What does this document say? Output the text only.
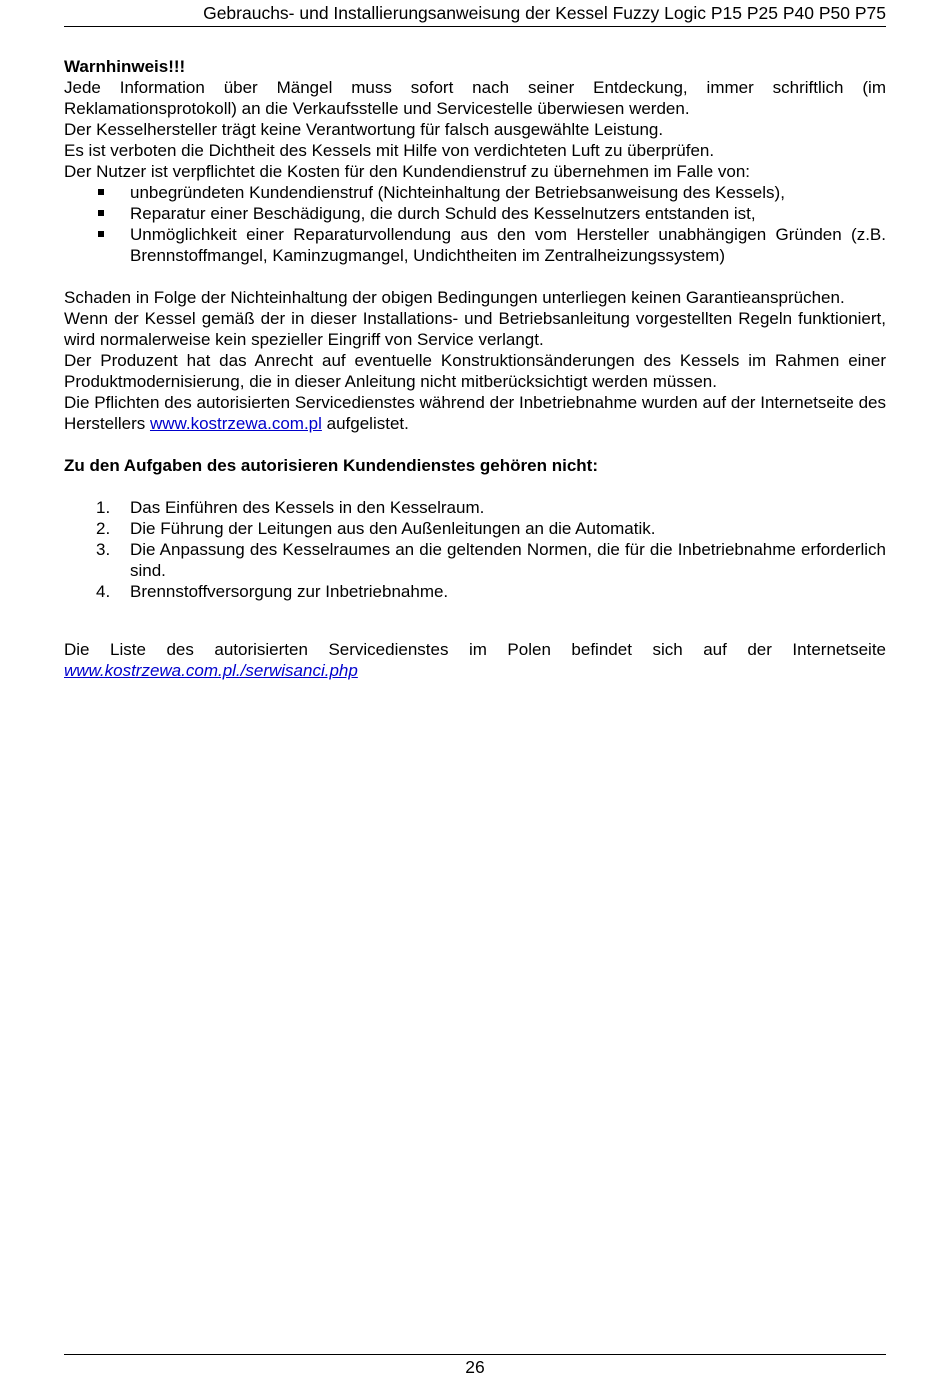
Gebrauchs- und Installierungsanweisung der Kessel Fuzzy Logic P15 P25 P40 P50 P75

Warnhinweis!!!

Jede Information über Mängel muss sofort nach seiner Entdeckung, immer schriftlich (im Reklamationsprotokoll) an die Verkaufsstelle und Servicestelle überwiesen werden.

Der Kesselhersteller trägt keine Verantwortung für falsch ausgewählte Leistung.

Es ist verboten die Dichtheit des Kessels mit Hilfe von verdichteten Luft zu überprüfen.

Der Nutzer ist verpflichtet die Kosten für den Kundendienstruf zu übernehmen im Falle von:

unbegründeten Kundendienstruf (Nichteinhaltung der Betriebsanweisung des Kessels),
Reparatur einer Beschädigung, die durch Schuld des Kesselnutzers entstanden ist,
Unmöglichkeit einer Reparaturvollendung aus den vom Hersteller unabhängigen Gründen (z.B. Brennstoffmangel, Kaminzugmangel, Undichtheiten im Zentralheizungssystem)

Schaden in Folge der Nichteinhaltung der obigen Bedingungen unterliegen keinen Garantieansprüchen.

Wenn der Kessel gemäß der in dieser Installations- und Betriebsanleitung vorgestellten Regeln funktioniert, wird normalerweise kein spezieller Eingriff von Service verlangt.

Der Produzent hat das Anrecht auf eventuelle Konstruktionsänderungen des Kessels im Rahmen einer Produktmodernisierung, die in dieser Anleitung nicht mitberücksichtigt werden müssen.

Die Pflichten des autorisierten Servicedienstes während der Inbetriebnahme wurden auf der Internetseite des Herstellers www.kostrzewa.com.pl aufgelistet.

Zu den Aufgaben des autorisieren Kundendienstes gehören nicht:

1. Das Einführen des Kessels in den Kesselraum.
2. Die Führung der Leitungen aus den Außenleitungen an die Automatik.
3. Die Anpassung des Kesselraumes an die geltenden Normen, die für die Inbetriebnahme erforderlich sind.
4. Brennstoffversorgung zur Inbetriebnahme.

Die Liste des autorisierten Servicedienstes im Polen befindet sich auf der Internetseite

www.kostrzewa.com.pl./serwisanci.php

26
